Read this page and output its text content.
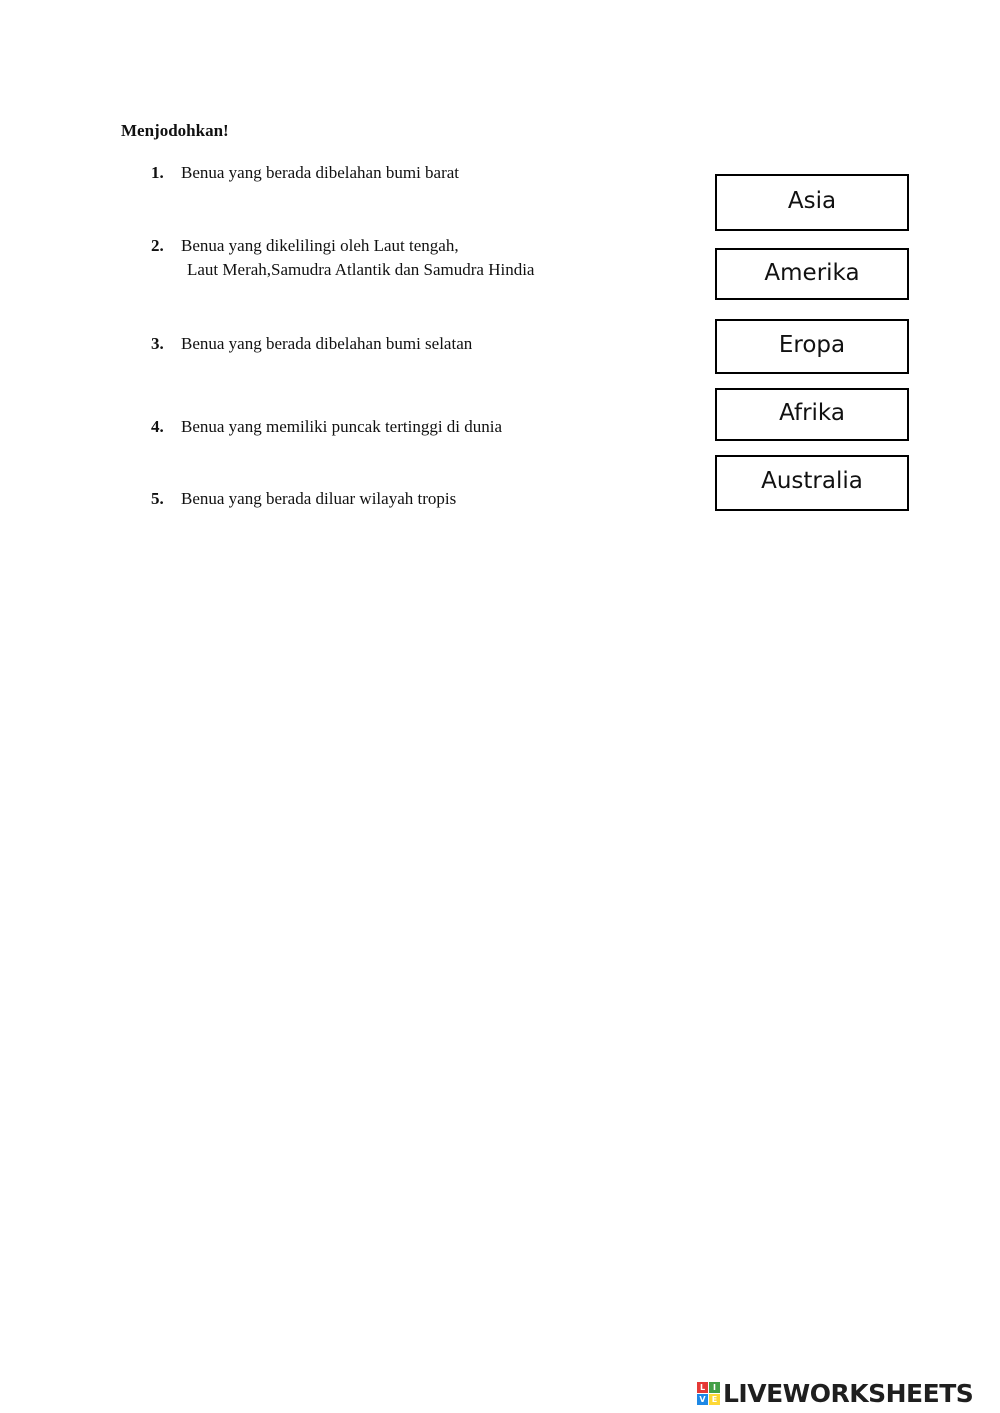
Menjodohkan!
1. Benua yang berada dibelahan bumi barat
2. Benua yang dikelilingi oleh Laut tengah,
Laut Merah,Samudra Atlantik dan Samudra Hindia
3. Benua yang berada dibelahan bumi selatan
4. Benua yang memiliki puncak tertinggi di dunia
5. Benua yang berada diluar wilayah tropis
Asia
Amerika
Eropa
Afrika
Australia
L I
V E LIVEWORKSHEETS
